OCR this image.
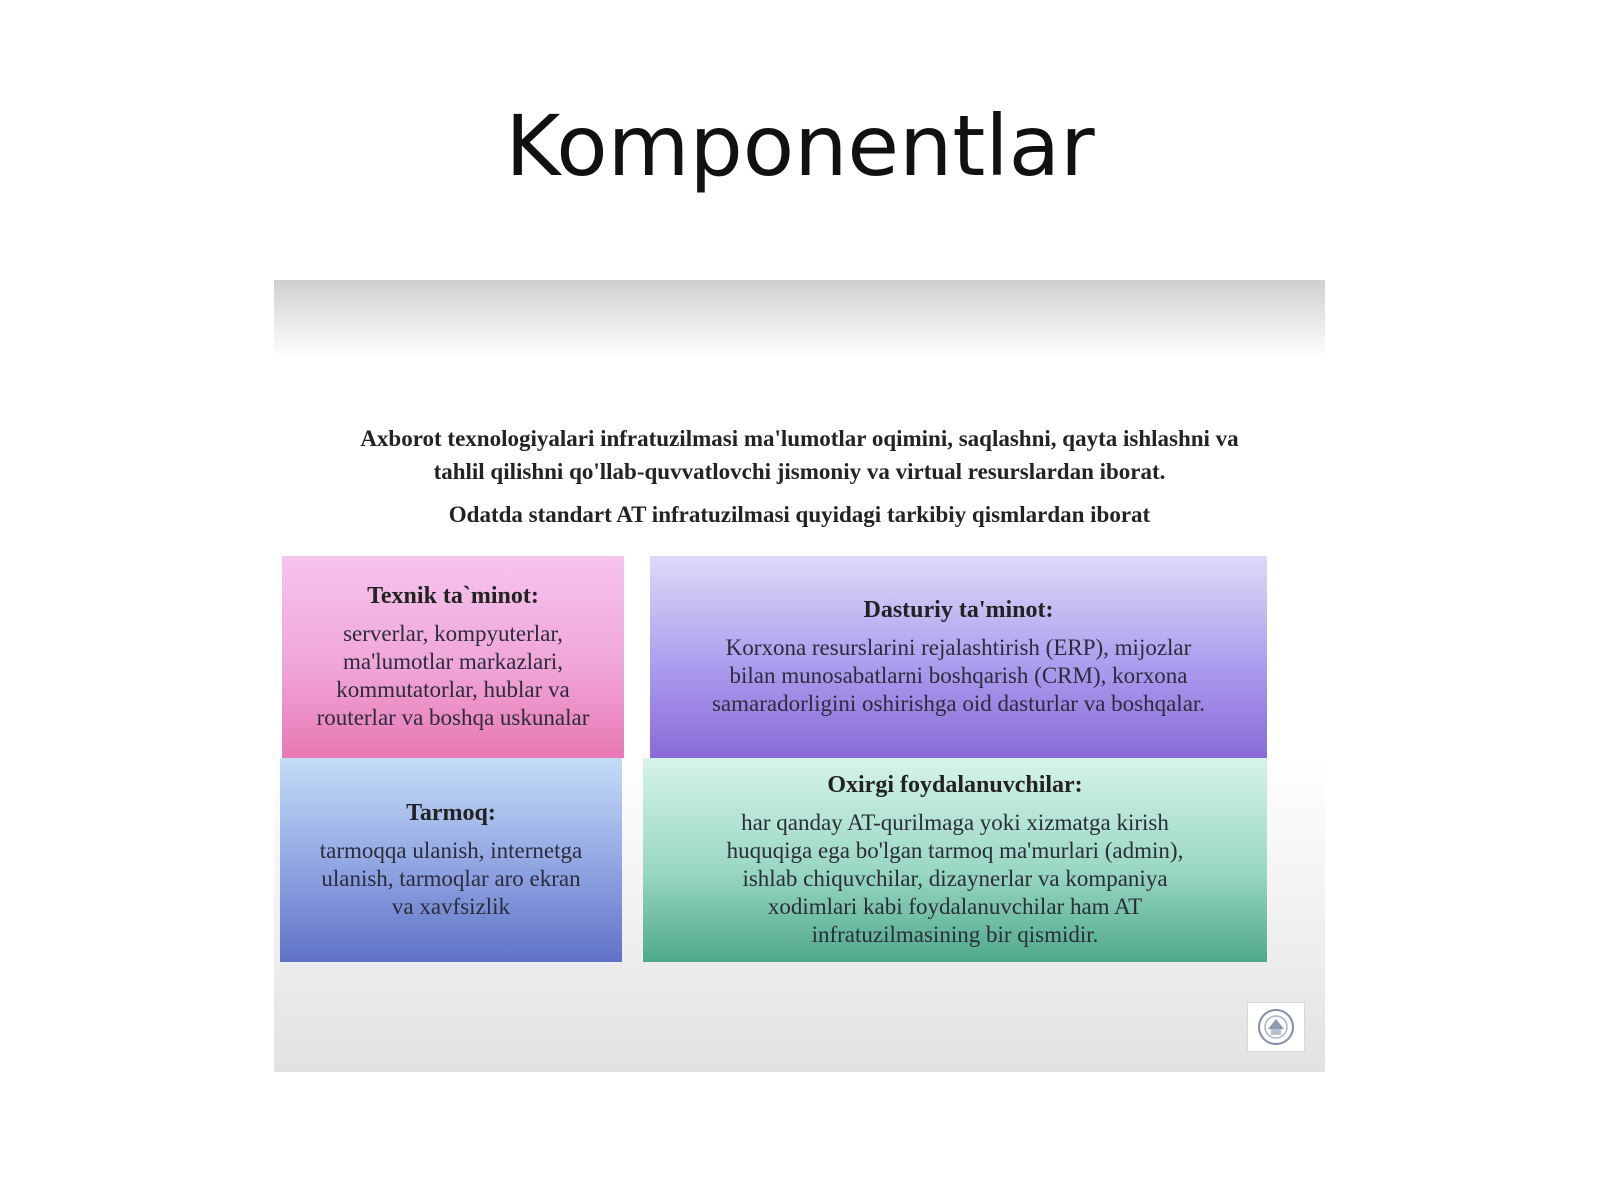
Komponentlar

Axborot texnologiyalari infratuzilmasi ma'lumotlar oqimini, saqlashni, qayta ishlashni va
tahlil qilishni qo'llab-quvvatlovchi jismoniy va virtual resurslardan iborat.

Odatda standart AT infratuzilmasi quyidagi tarkibiy qismlardan iborat

Texnik ta`minot:
serverlar, kompyuterlar,
ma'lumotlar markazlari,
kommutatorlar, hublar va
routerlar va boshqa uskunalar
Dasturiy ta'minot:
Korxona resurslarini rejalashtirish (ERP), mijozlar
bilan munosabatlarni boshqarish (CRM), korxona
samaradorligini oshirishga oid dasturlar va boshqalar.
Tarmoq:
tarmoqqa ulanish, internetga
ulanish, tarmoqlar aro ekran
va xavfsizlik
Oxirgi foydalanuvchilar:
har qanday AT-qurilmaga yoki xizmatga kirish
huquqiga ega bo'lgan tarmoq ma'murlari (admin),
ishlab chiquvchilar, dizaynerlar va kompaniya
xodimlari kabi foydalanuvchilar ham AT
infratuzilmasining bir qismidir.
